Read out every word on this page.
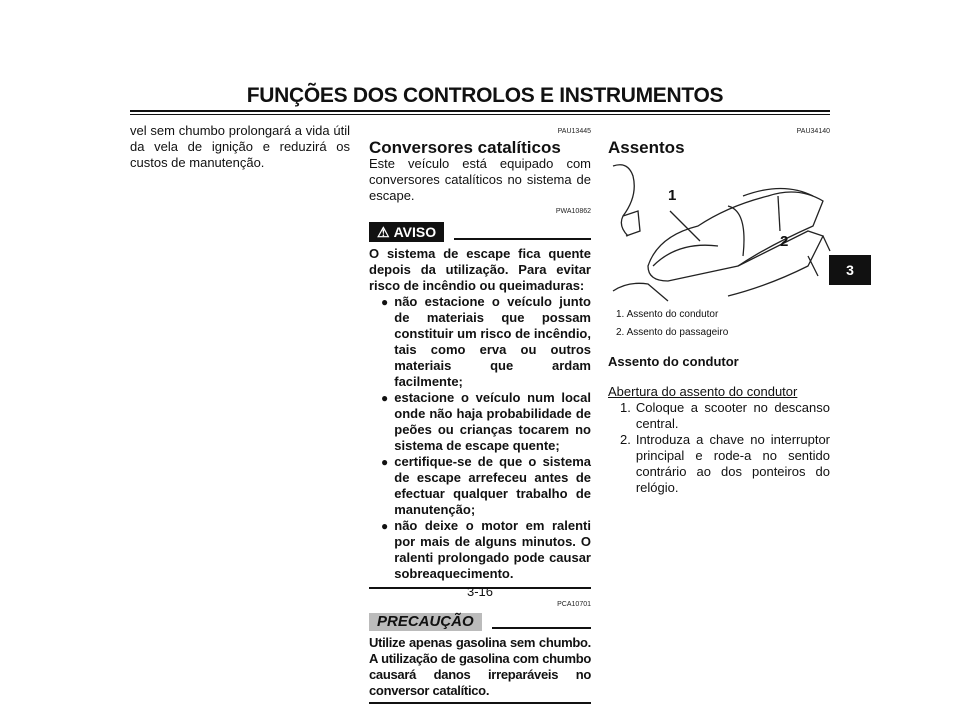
FUNÇÕES DOS CONTROLOS E INSTRUMENTOS
3
vel sem chumbo prolongará a vida útil da vela de ignição e reduzirá os custos de manutenção.
PAU13445
Conversores catalíticos
Este veículo está equipado com conversores catalíticos no sistema de escape.
PWA10862
⚠ AVISO
O sistema de escape fica quente depois da utilização. Para evitar risco de incêndio ou queimaduras:
● não estacione o veículo junto de materiais que possam constituir um risco de incêndio, tais como erva ou outros materiais que ardam facilmente;
● estacione o veículo num local onde não haja probabilidade de peões ou crianças tocarem no sistema de escape quente;
● certifique-se de que o sistema de escape arrefeceu antes de efectuar qualquer trabalho de manutenção;
● não deixe o motor em ralenti por mais de alguns minutos. O ralenti prolongado pode causar sobreaquecimento.
PCA10701
PRECAUÇÃO
Utilize apenas gasolina sem chumbo. A utilização de gasolina com chumbo causará danos irreparáveis no conversor catalítico.
PAU34140
Assentos
1
2
1. Assento do condutor
2. Assento do passageiro
Assento do condutor
Abertura do assento do condutor
1. Coloque a scooter no descanso central.
2. Introduza a chave no interruptor principal e rode-a no sentido contrário ao dos ponteiros do relógio.
3-16
